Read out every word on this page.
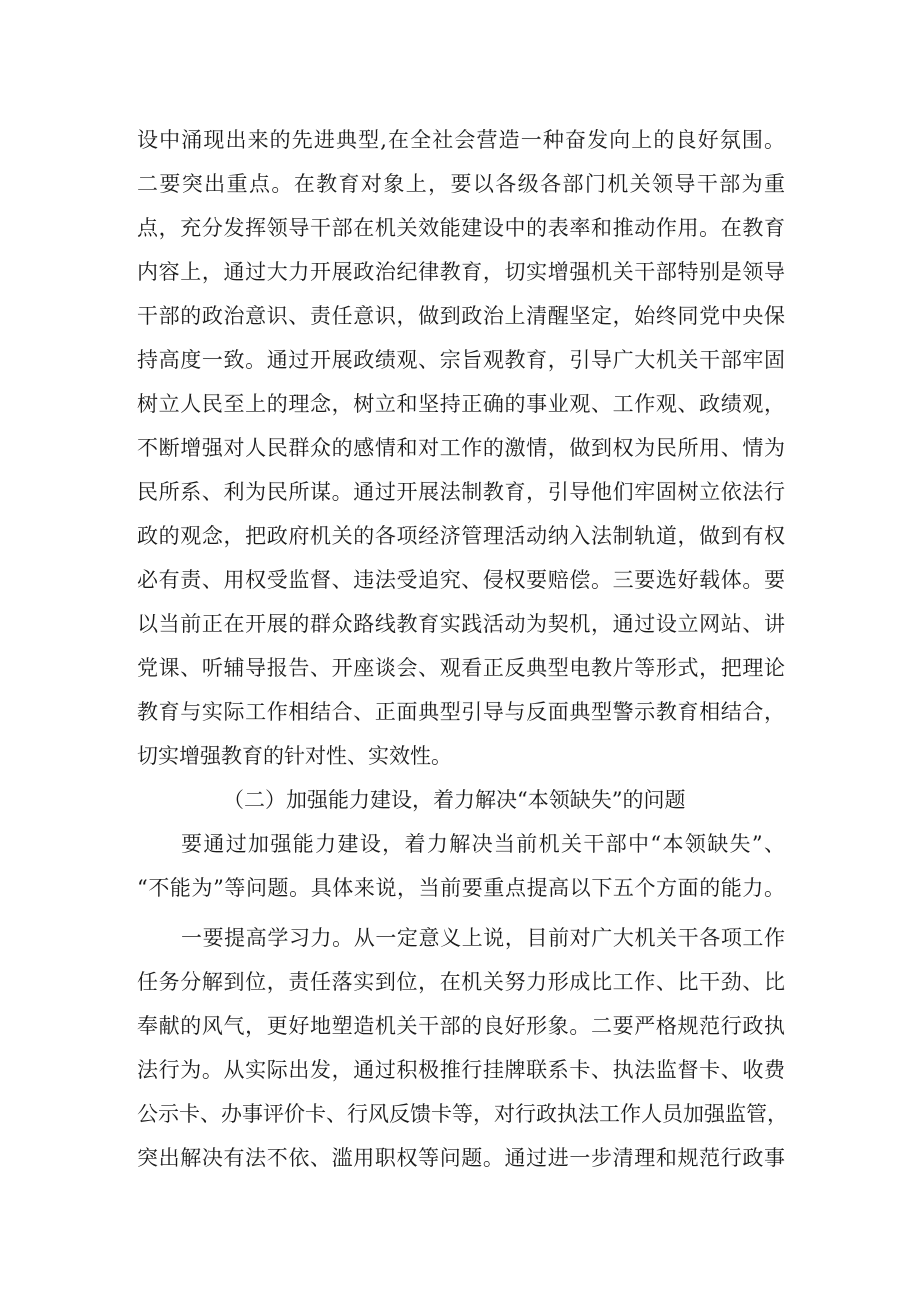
设中涌现出来的先进典型,在全社会营造一种奋发向上的良好氛围。
二要突出重点。在教育对象上，要以各级各部门机关领导干部为重
点，充分发挥领导干部在机关效能建设中的表率和推动作用。在教育
内容上，通过大力开展政治纪律教育，切实增强机关干部特别是领导
干部的政治意识、责任意识，做到政治上清醒坚定，始终同党中央保
持高度一致。通过开展政绩观、宗旨观教育，引导广大机关干部牢固
树立人民至上的理念，树立和坚持正确的事业观、工作观、政绩观，
不断增强对人民群众的感情和对工作的激情，做到权为民所用、情为
民所系、利为民所谋。通过开展法制教育，引导他们牢固树立依法行
政的观念，把政府机关的各项经济管理活动纳入法制轨道，做到有权
必有责、用权受监督、违法受追究、侵权要赔偿。三要选好载体。要
以当前正在开展的群众路线教育实践活动为契机，通过设立网站、讲
党课、听辅导报告、开座谈会、观看正反典型电教片等形式，把理论
教育与实际工作相结合、正面典型引导与反面典型警示教育相结合，
切实增强教育的针对性、实效性。
（二）加强能力建设，着力解决“本领缺失”的问题
要通过加强能力建设，着力解决当前机关干部中“本领缺失”、
“不能为”等问题。具体来说，当前要重点提高以下五个方面的能力。
一要提高学习力。从一定意义上说，目前对广大机关干各项工作
任务分解到位，责任落实到位，在机关努力形成比工作、比干劲、比
奉献的风气，更好地塑造机关干部的良好形象。二要严格规范行政执
法行为。从实际出发，通过积极推行挂牌联系卡、执法监督卡、收费
公示卡、办事评价卡、行风反馈卡等，对行政执法工作人员加强监管，
突出解决有法不依、滥用职权等问题。通过进一步清理和规范行政事
